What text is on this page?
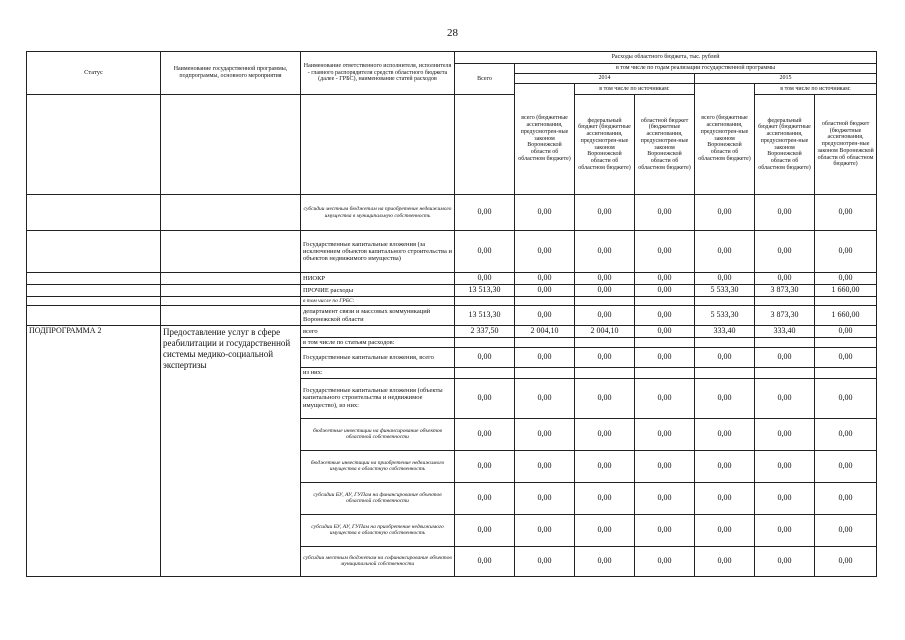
28
Статус	Наименование государственной программы, подпрограммы, основного мероприятия	Наименование ответственного исполнителя, исполнителя - главного распорядителя средств областного бюджета (далее - ГРБС), наименование статей расходов	Расходы областного бюджета, тыс. рублей						
			Всего	в том числе по годам реализации государственной программы					
				2014			2015		
				всего (бюджетные ассигнования, предусмотрен-ные законом Воронежской области об областном бюджете)	в том числе по источникам:		всего (бюджетные ассигнования, предусмотрен-ные законом Воронежской области об областном бюджете)	в том числе по источникам:	
					федеральный бюджет (бюджетные ассигнования, предусмотрен-ные законом Воронежской области об областном бюджете)	областной бюджет (бюджетные ассигнования, предусмотрен-ные законом Воронежской области об областном бюджете)		федеральный бюджет (бюджетные ассигнования, предусмотрен-ные законом Воронежской области об областном бюджете)	областной бюджет (бюджетные ассигнования, предусмотрен-ные законом Воронежской области об областном бюджете)
		субсидии местным бюджетам на приобретение недвижимого имущества в муниципальную собственность	0,00	0,00	0,00	0,00	0,00	0,00	0,00
		Государственные капитальные вложения (за исключением объектов капитального строительства и объектов недвижимого имущества)	0,00	0,00	0,00	0,00	0,00	0,00	0,00
		НИОКР	0,00	0,00	0,00	0,00	0,00	0,00	0,00
		ПРОЧИЕ расходы	13 513,30	0,00	0,00	0,00	5 533,30	3 873,30	1 660,00
		в том числе по ГРБС:							
		департамент связи и массовых коммуникаций Воронежской области	13 513,30	0,00	0,00	0,00	5 533,30	3 873,30	1 660,00
ПОДПРОГРАММА 2	Предоставление услуг в сфере реабилитации и государственной системы медико-социальной экспертизы	всего	2 337,50	2 004,10	2 004,10	0,00	333,40	333,40	0,00
		в том числе по статьям расходов:							
		Государственные капитальные вложения, всего	0,00	0,00	0,00	0,00	0,00	0,00	0,00
		из них:							
		Государственные капитальные вложения (объекты капитального строительства и недвижимое имущество), из них:	0,00	0,00	0,00	0,00	0,00	0,00	0,00
		бюджетные инвестиции на финансирование объектов областной собственности	0,00	0,00	0,00	0,00	0,00	0,00	0,00
		бюджетные инвестиции на приобретение недвижимого имущества в областную собственность	0,00	0,00	0,00	0,00	0,00	0,00	0,00
		субсидии БУ, АУ, ГУПам на финансирование объектов областной собственности	0,00	0,00	0,00	0,00	0,00	0,00	0,00
		субсидии БУ, АУ, ГУПам на приобретение недвижимого имущества в областную собственность	0,00	0,00	0,00	0,00	0,00	0,00	0,00
		субсидии местным бюджетам на софинансирование объектов муниципальной собственности	0,00	0,00	0,00	0,00	0,00	0,00	0,00
